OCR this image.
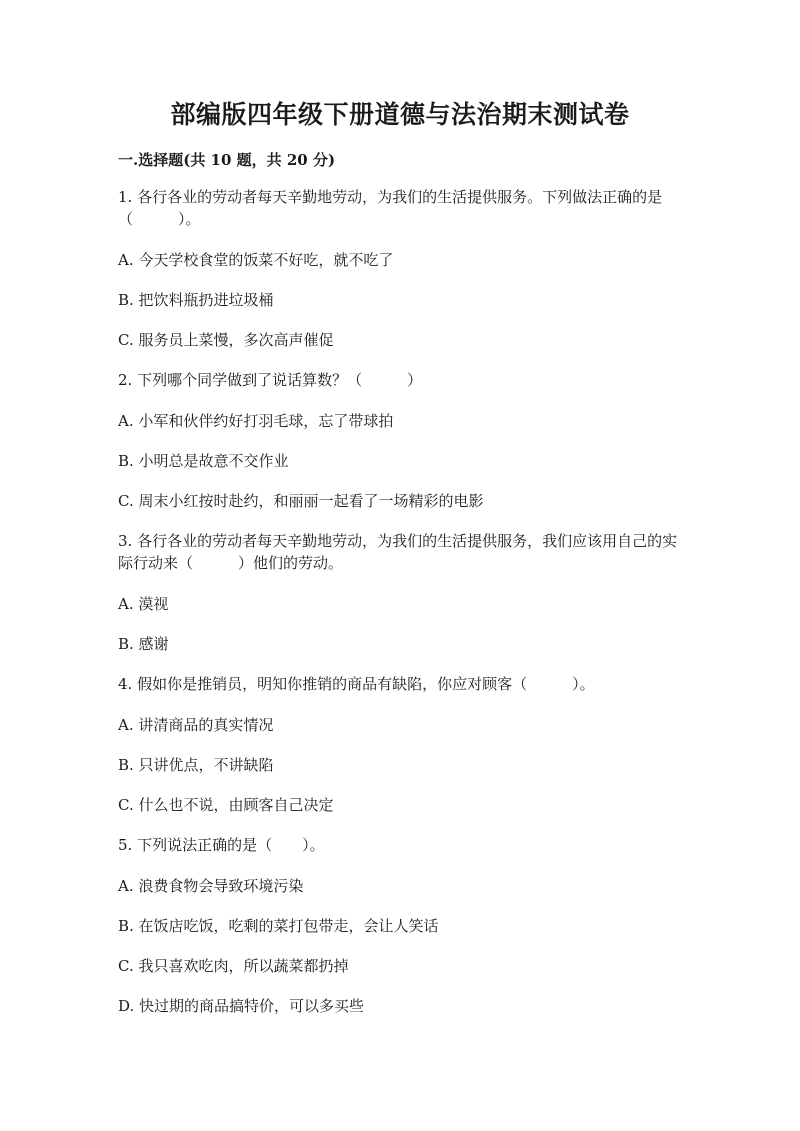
部编版四年级下册道德与法治期末测试卷
一.选择题(共 10 题，共 20 分)
1. 各行各业的劳动者每天辛勤地劳动，为我们的生活提供服务。下列做法正确的是（　　　）。
A. 今天学校食堂的饭菜不好吃，就不吃了
B. 把饮料瓶扔进垃圾桶
C. 服务员上菜慢，多次高声催促
2. 下列哪个同学做到了说话算数？（　　　）
A. 小军和伙伴约好打羽毛球，忘了带球拍
B. 小明总是故意不交作业
C. 周末小红按时赴约，和丽丽一起看了一场精彩的电影
3. 各行各业的劳动者每天辛勤地劳动，为我们的生活提供服务，我们应该用自己的实际行动来（　　　）他们的劳动。
A. 漠视
B. 感谢
4. 假如你是推销员，明知你推销的商品有缺陷，你应对顾客（　　　）。
A. 讲清商品的真实情况
B. 只讲优点，不讲缺陷
C. 什么也不说，由顾客自己决定
5. 下列说法正确的是（　　）。
A. 浪费食物会导致环境污染
B. 在饭店吃饭，吃剩的菜打包带走，会让人笑话
C. 我只喜欢吃肉，所以蔬菜都扔掉
D. 快过期的商品搞特价，可以多买些
